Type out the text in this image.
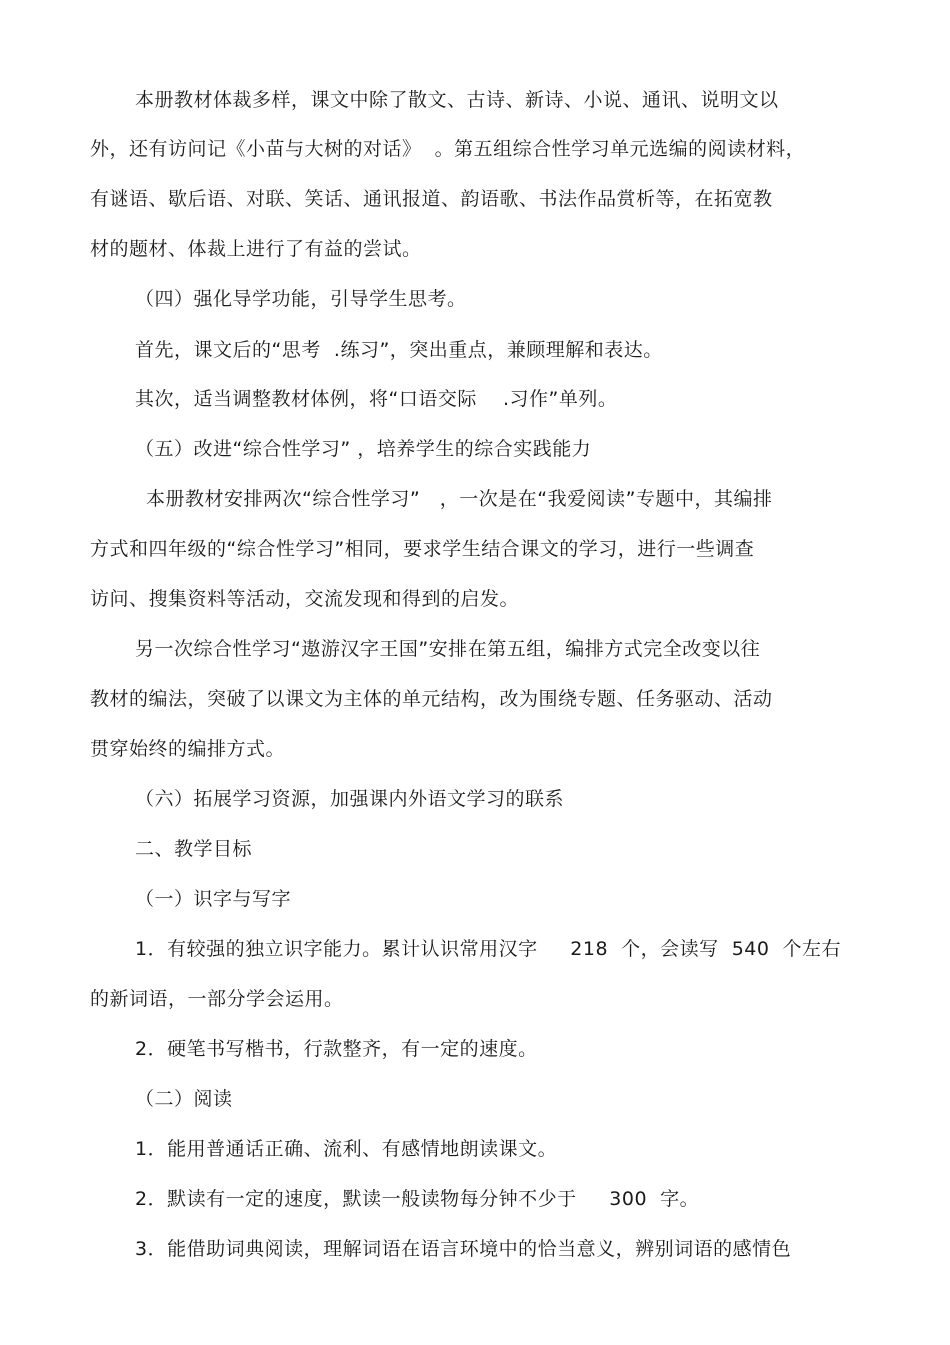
本册教材体裁多样，课文中除了散文、古诗、新诗、小说、通讯、说明文以
外，还有访问记《小苗与大树的对话》  。第五组综合性学习单元选编的阅读材料，
有谜语、歇后语、对联、笑话、通讯报道、韵语歌、书法作品赏析等，在拓宽教
材的题材、体裁上进行了有益的尝试。
（四）强化导学功能，引导学生思考。
首先，课文后的“思考  .练习”，突出重点，兼顾理解和表达。
其次，适当调整教材体例，将“口语交际    .习作”单列。
（五）改进“综合性学习” ，培养学生的综合实践能力
本册教材安排两次“综合性学习”   ，一次是在“我爱阅读”专题中，其编排
方式和四年级的“综合性学习”相同，要求学生结合课文的学习，进行一些调查
访问、搜集资料等活动，交流发现和得到的启发。
另一次综合性学习“遨游汉字王国”安排在第五组，编排方式完全改变以往
教材的编法，突破了以课文为主体的单元结构，改为围绕专题、任务驱动、活动
贯穿始终的编排方式。
（六）拓展学习资源，加强课内外语文学习的联系
二、教学目标
（一）识字与写字
1．有较强的独立识字能力。累计认识常用汉字     218  个，会读写  540  个左右
的新词语，一部分学会运用。
2．硬笔书写楷书，行款整齐，有一定的速度。
（二）阅读
1．能用普通话正确、流利、有感情地朗读课文。
2．默读有一定的速度，默读一般读物每分钟不少于     300  字。
3．能借助词典阅读，理解词语在语言环境中的恰当意义，辨别词语的感情色
